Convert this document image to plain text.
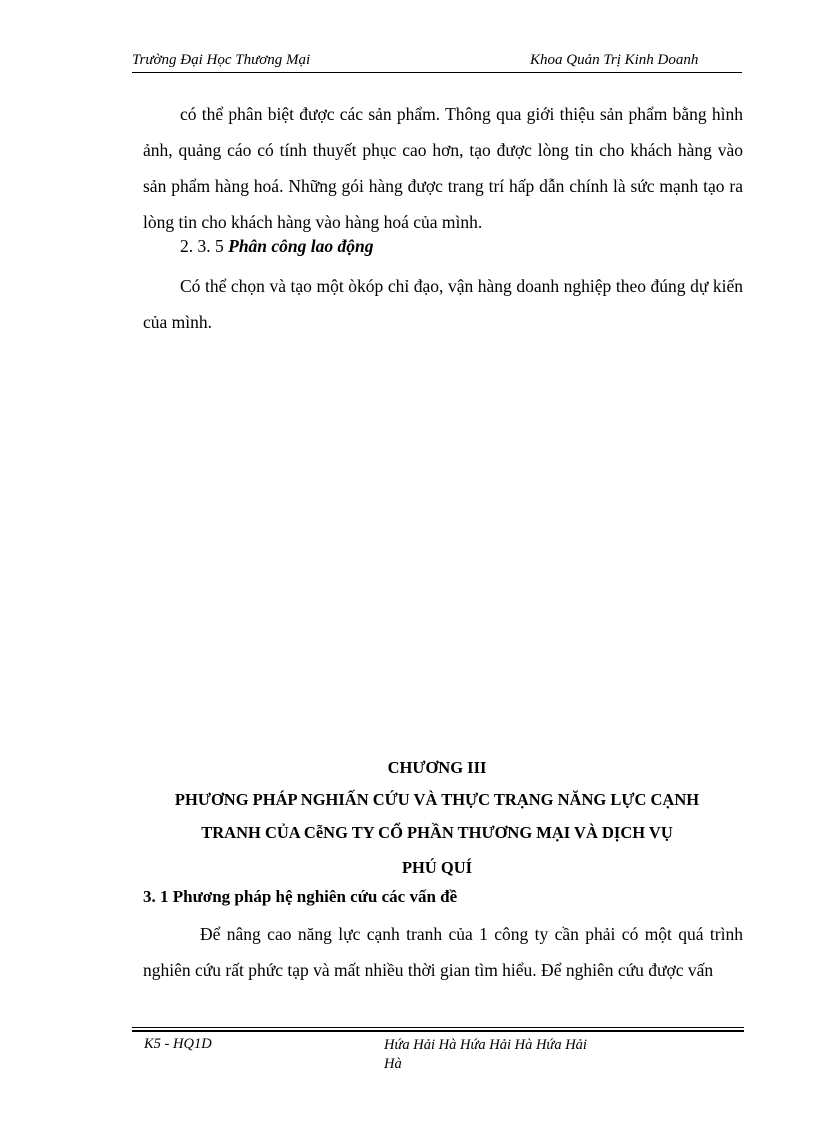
Trường Đại Học Thương Mại	Khoa Quản Trị Kinh Doanh
có thể phân biệt được các sản phẩm. Thông qua giới thiệu sản phẩm bằng hình ảnh, quảng cáo có tính thuyết phục cao hơn, tạo được lòng tin cho khách hàng vào sản phẩm hàng hoá. Những gói hàng được trang trí hấp dẫn chính là sức mạnh tạo ra lòng tin cho khách hàng vào hàng hoá của mình.
2. 3. 5 Phân công lao động
Có thể chọn và tạo một òkóp chỉ đạo, vận hàng doanh nghiệp theo đúng dự kiến của mình.
CHƯƠNG III
PHƯƠNG PHÁP NGHIẤN CỨU VÀ THỰC TRẠNG NĂNG LỰC CẠNH
TRANH CỦA CễNG TY CỔ PHẦN THƯƠNG MẠI VÀ DỊCH VỤ
PHÚ QUÍ
3. 1 Phương pháp hệ nghiên cứu các vấn đề
Để nâng cao năng lực cạnh tranh của 1 công ty cần phải có một quá trình nghiên cứu rất phức tạp và mất nhiều thời gian tìm hiểu. Để nghiên cứu được vấn
K5 - HQ1D	Hứa Hải Hà Hứa Hải Hà Hứa Hải Hà
